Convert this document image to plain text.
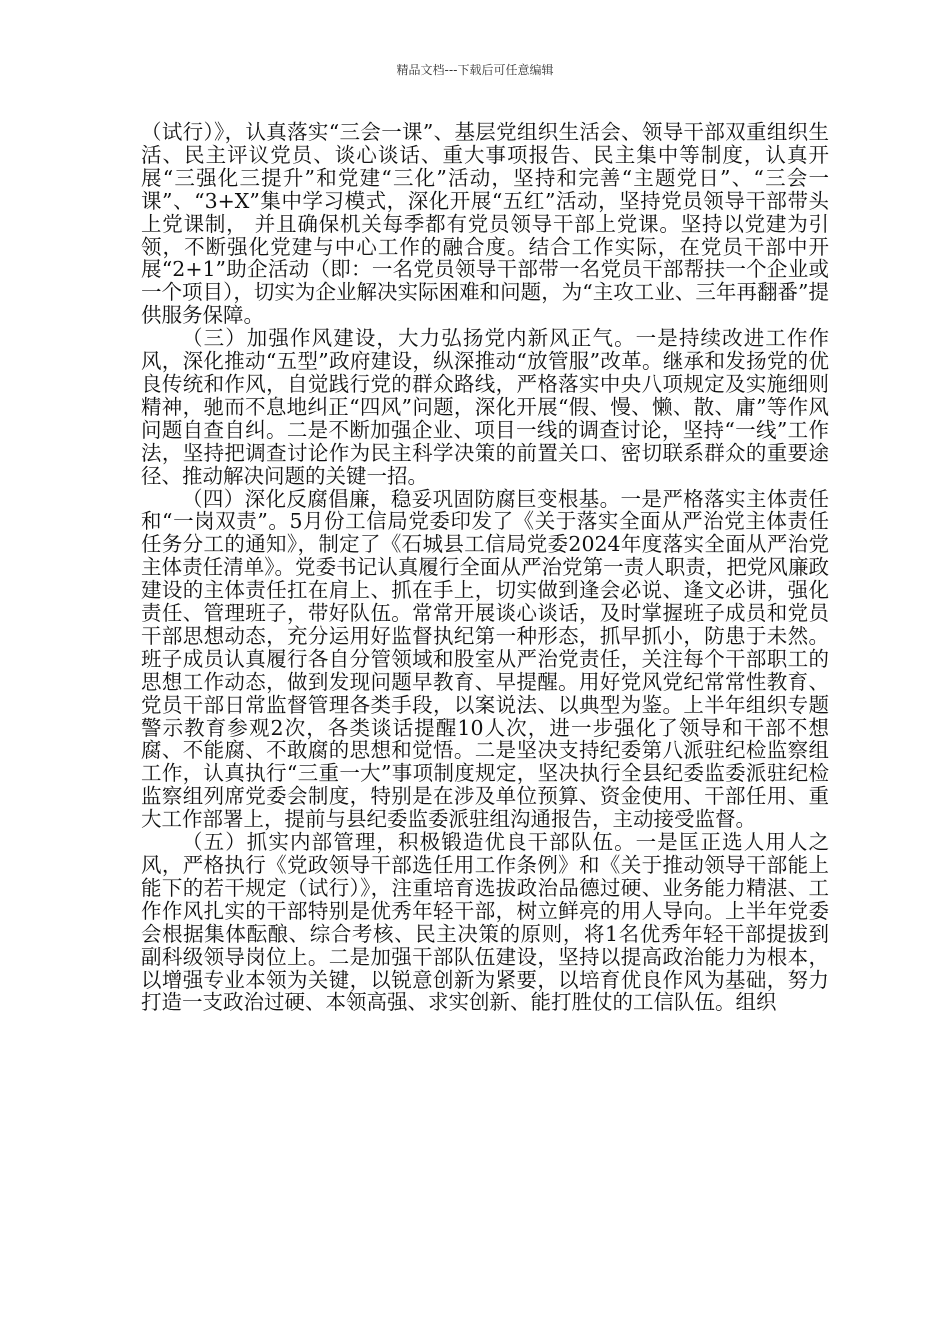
精品文档---下载后可任意编辑

（试行）》，认真落实“三会一课”、基层党组织生活会、领导干部双重组织生活、民主评议党员、谈心谈话、重大事项报告、民主集中等制度，认真开展“三强化三提升”和党建“三化”活动，坚持和完善“主题党日”、“三会一课”、“3+X”集中学习模式，深化开展“五红”活动，坚持党员领导干部带头上党课制， 并且确保机关每季都有党员领导干部上党课。坚持以党建为引领，不断强化党建与中心工作的融合度。结合工作实际，在党员干部中开展“2+1”助企活动（即：一名党员领导干部带一名党员干部帮扶一个企业或一个项目），切实为企业解决实际困难和问题，为“主攻工业、三年再翻番”提供服务保障。

（三）加强作风建设，大力弘扬党内新风正气。一是持续改进工作作风，深化推动“五型”政府建设，纵深推动“放管服”改革。继承和发扬党的优良传统和作风，自觉践行党的群众路线，严格落实中央八项规定及实施细则精神，驰而不息地纠正“四风”问题，深化开展“假、慢、懒、散、庸”等作风问题自查自纠。二是不断加强企业、项目一线的调查讨论，坚持“一线”工作法，坚持把调查讨论作为民主科学决策的前置关口、密切联系群众的重要途径、推动解决问题的关键一招。

（四）深化反腐倡廉，稳妥巩固防腐巨变根基。一是严格落实主体责任和“一岗双责”。5月份工信局党委印发了《关于落实全面从严治党主体责任任务分工的通知》，制定了《石城县工信局党委2024年度落实全面从严治党主体责任清单》。党委书记认真履行全面从严治党第一责人职责，把党风廉政建设的主体责任扛在肩上、抓在手上，切实做到逢会必说、逢文必讲，强化责任、管理班子，带好队伍。常常开展谈心谈话，及时掌握班子成员和党员干部思想动态，充分运用好监督执纪第一种形态，抓早抓小，防患于未然。班子成员认真履行各自分管领域和股室从严治党责任，关注每个干部职工的思想工作动态，做到发现问题早教育、早提醒。用好党风党纪常常性教育、党员干部日常监督管理各类手段，以案说法、以典型为鉴。上半年组织专题警示教育参观2次，各类谈话提醒10人次，进一步强化了领导和干部不想腐、不能腐、不敢腐的思想和觉悟。二是坚决支持纪委第八派驻纪检监察组工作，认真执行“三重一大”事项制度规定，坚决执行全县纪委监委派驻纪检监察组列席党委会制度，特别是在涉及单位预算、资金使用、干部任用、重大工作部署上，提前与县纪委监委派驻组沟通报告，主动接受监督。

（五）抓实内部管理，积极锻造优良干部队伍。一是匡正选人用人之风，严格执行《党政领导干部选任用工作条例》和《关于推动领导干部能上能下的若干规定（试行）》，注重培育选拔政治品德过硬、业务能力精湛、工作作风扎实的干部特别是优秀年轻干部，树立鲜亮的用人导向。上半年党委会根据集体酝酿、综合考核、民主决策的原则，将1名优秀年轻干部提拔到副科级领导岗位上。二是加强干部队伍建设，坚持以提高政治能力为根本，以增强专业本领为关键，以锐意创新为紧要，以培育优良作风为基础，努力打造一支政治过硬、本领高强、求实创新、能打胜仗的工信队伍。组织
